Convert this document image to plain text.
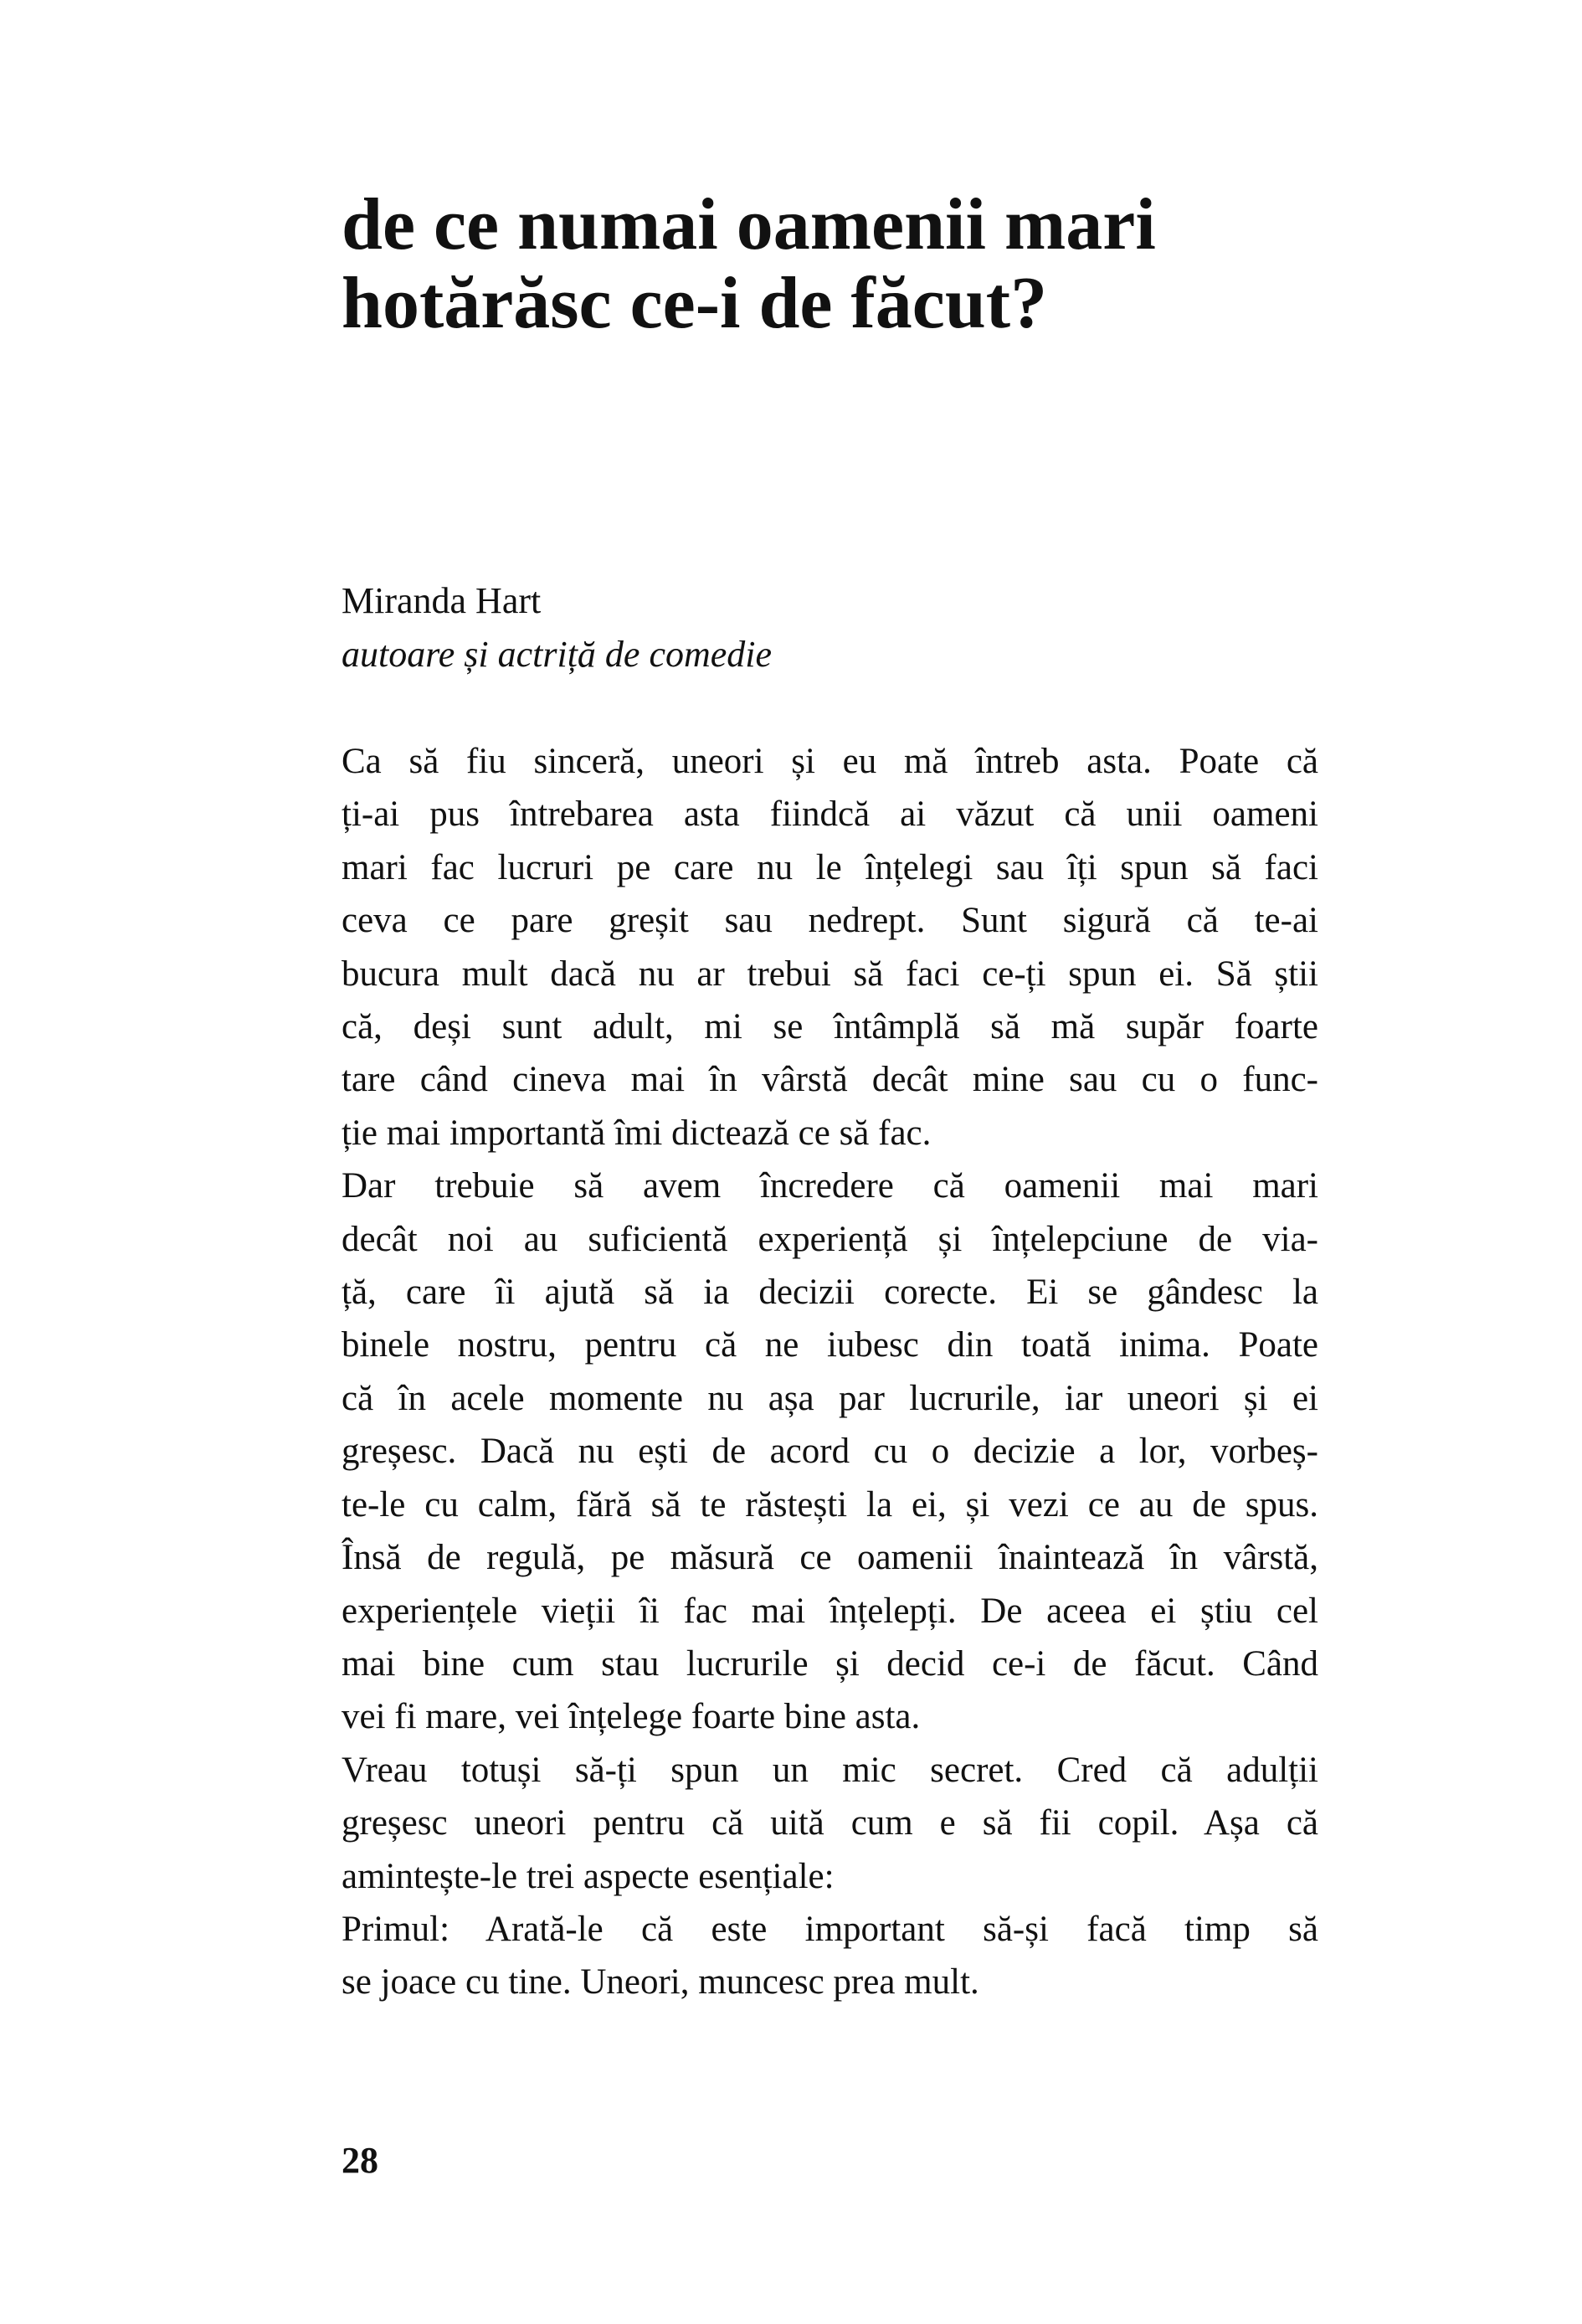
de ce numai oamenii mari
hotărăsc ce-i de făcut?
Miranda Hart
autoare și actriță de comedie
Ca să fiu sinceră, uneori și eu mă întreb asta. Poate că
ți-ai pus întrebarea asta fiindcă ai văzut că unii oameni
mari fac lucruri pe care nu le înțelegi sau îți spun să faci
ceva ce pare greșit sau nedrept. Sunt sigură că te-ai
bucura mult dacă nu ar trebui să faci ce-ți spun ei. Să știi
că, deși sunt adult, mi se întâmplă să mă supăr foarte
tare când cineva mai în vârstă decât mine sau cu o func-
ție mai importantă îmi dictează ce să fac.
Dar trebuie să avem încredere că oamenii mai mari
decât noi au suficientă experiență și înțelepciune de via-
ță, care îi ajută să ia decizii corecte. Ei se gândesc la
binele nostru, pentru că ne iubesc din toată inima. Poate
că în acele momente nu așa par lucrurile, iar uneori și ei
greșesc. Dacă nu ești de acord cu o decizie a lor, vorbeș-
te-le cu calm, fără să te răstești la ei, și vezi ce au de spus.
Însă de regulă, pe măsură ce oamenii înaintează în vârstă,
experiențele vieții îi fac mai înțelepți. De aceea ei știu cel
mai bine cum stau lucrurile și decid ce-i de făcut. Când
vei fi mare, vei înțelege foarte bine asta.
Vreau totuși să-ți spun un mic secret. Cred că adulții
greșesc uneori pentru că uită cum e să fii copil. Așa că
amintește-le trei aspecte esențiale:
Primul: Arată-le că este important să-și facă timp să
se joace cu tine. Uneori, muncesc prea mult.
28
